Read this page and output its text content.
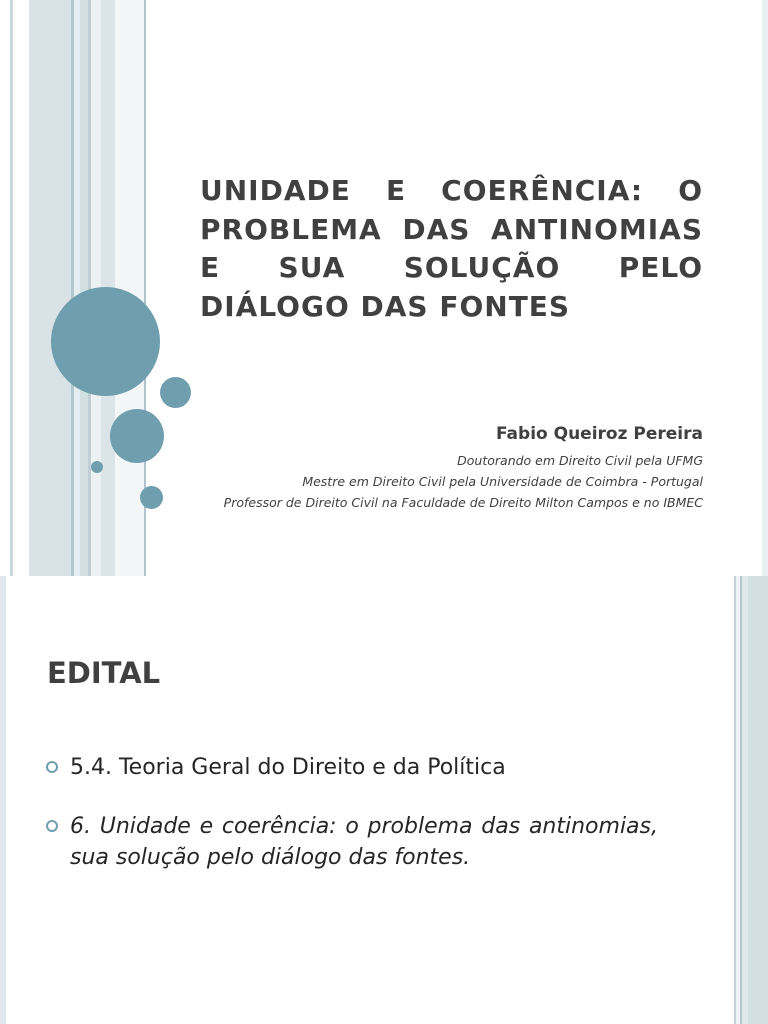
UNIDADE E COERÊNCIA: O PROBLEMA DAS ANTINOMIAS E SUA SOLUÇÃO PELO DIÁLOGO DAS FONTES

Fabio Queiroz Pereira

Doutorando em Direito Civil pela UFMG

Mestre em Direito Civil pela Universidade de Coimbra - Portugal

Professor de Direito Civil na Faculdade de Direito Milton Campos e no IBMEC

EDITAL
5.4. Teoria Geral do Direito e da Política
6. Unidade e coerência: o problema das antinomias, sua solução pelo diálogo das fontes.
